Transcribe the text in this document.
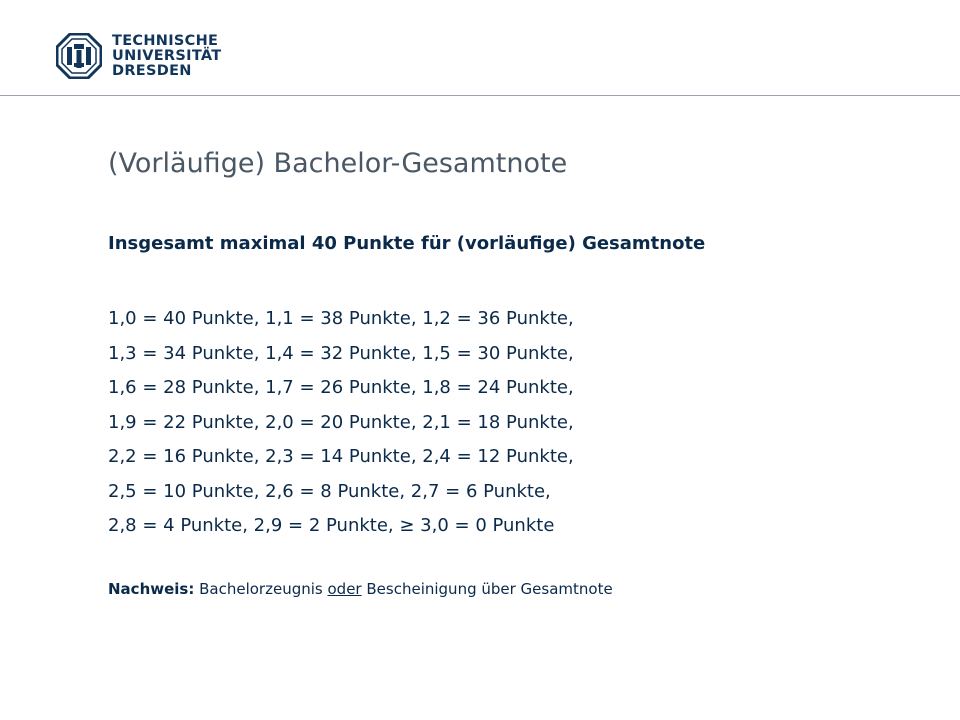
TECHNISCHE
UNIVERSITÄT
DRESDEN
(Vorläufige) Bachelor-Gesamtnote
Insgesamt maximal 40 Punkte für (vorläufige) Gesamtnote
1,0 = 40 Punkte, 1,1 = 38 Punkte, 1,2 = 36 Punkte,
1,3 = 34 Punkte, 1,4 = 32 Punkte, 1,5 = 30 Punkte,
1,6 = 28 Punkte, 1,7 = 26 Punkte, 1,8 = 24 Punkte,
1,9 = 22 Punkte, 2,0 = 20 Punkte, 2,1 = 18 Punkte,
2,2 = 16 Punkte, 2,3 = 14 Punkte, 2,4 = 12 Punkte,
2,5 = 10 Punkte, 2,6 = 8 Punkte, 2,7 = 6 Punkte,
2,8 = 4 Punkte, 2,9 = 2 Punkte, ≥ 3,0 = 0 Punkte
Nachweis: Bachelorzeugnis oder Bescheinigung über Gesamtnote
